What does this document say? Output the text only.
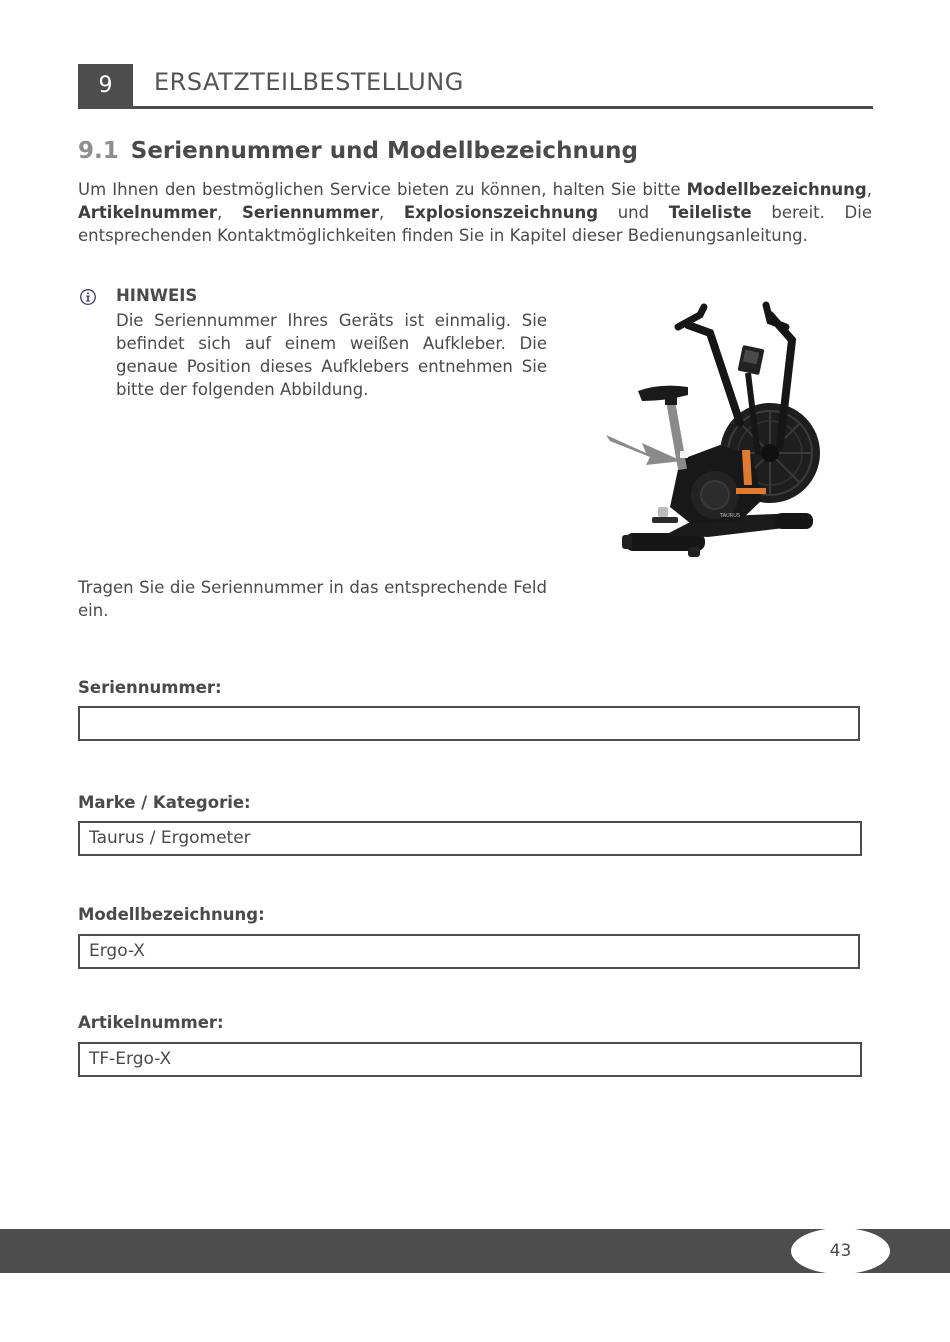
9	ERSATZTEILBESTELLUNG
9.1 Seriennummer und Modellbezeichnung

Um Ihnen den bestmöglichen Service bieten zu können, halten Sie bitte Modellbezeichnung, Artikelnummer, Seriennummer, Explosionszeichnung und Teileliste bereit. Die entsprechenden Kontaktmöglichkeiten finden Sie in Kapitel dieser Bedienungsanleitung.

HINWEIS

Die Seriennummer Ihres Geräts ist einmalig. Sie befindet sich auf einem weißen Aufkleber. Die genaue Position dieses Aufklebers entnehmen Sie bitte der folgenden Abbildung.

TAURUS

Tragen Sie die Seriennummer in das entsprechende Feld ein.

Seriennummer:
Marke / Kategorie:
Taurus / Ergometer
Modellbezeichnung:
Ergo-X
Artikelnummer:
TF-Ergo-X
43
